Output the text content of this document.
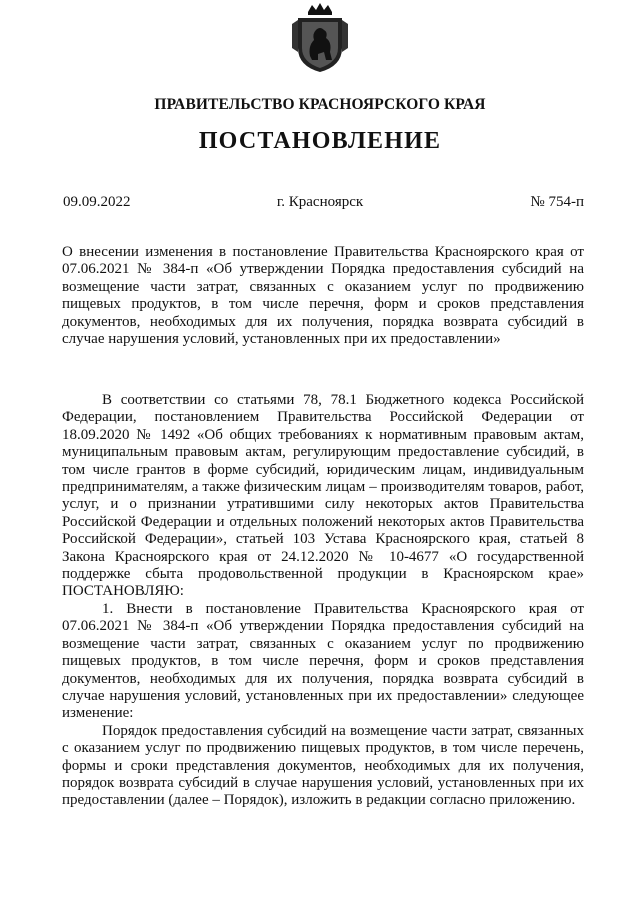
ПРАВИТЕЛЬСТВО КРАСНОЯРСКОГО КРАЯ
ПОСТАНОВЛЕНИЕ
09.09.2022	г. Красноярск	№ 754-п
О внесении изменения в постановление Правительства Красноярского края от 07.06.2021 № 384-п «Об утверждении Порядка предоставления субсидий на возмещение части затрат, связанных с оказанием услуг по продвижению пищевых продуктов, в том числе перечня, форм и сроков представления документов, необходимых для их получения, порядка возврата субсидий в случае нарушения условий, установленных при их предоставлении»

В соответствии со статьями 78, 78.1 Бюджетного кодекса Российской Федерации, постановлением Правительства Российской Федерации от 18.09.2020 № 1492 «Об общих требованиях к нормативным правовым актам, муниципальным правовым актам, регулирующим предоставление субсидий, в том числе грантов в форме субсидий, юридическим лицам, индивидуальным предпринимателям, а также физическим лицам – производителям товаров, работ, услуг, и о признании утратившими силу некоторых актов Правительства Российской Федерации и отдельных положений некоторых актов Правительства Российской Федерации», статьей 103 Устава Красноярского края, статьей 8 Закона Красноярского края от 24.12.2020 № 10-4677 «О государственной поддержке сбыта продовольственной продукции в Красноярском крае» ПОСТАНОВЛЯЮ:

1. Внести в постановление Правительства Красноярского края от 07.06.2021 № 384-п «Об утверждении Порядка предоставления субсидий на возмещение части затрат, связанных с оказанием услуг по продвижению пищевых продуктов, в том числе перечня, форм и сроков представления документов, необходимых для их получения, порядка возврата субсидий в случае нарушения условий, установленных при их предоставлении» следующее изменение:

Порядок предоставления субсидий на возмещение части затрат, связанных с оказанием услуг по продвижению пищевых продуктов, в том числе перечень, формы и сроки представления документов, необходимых для их получения, порядок возврата субсидий в случае нарушения условий, установленных при их предоставлении (далее – Порядок), изложить в редакции согласно приложению.
